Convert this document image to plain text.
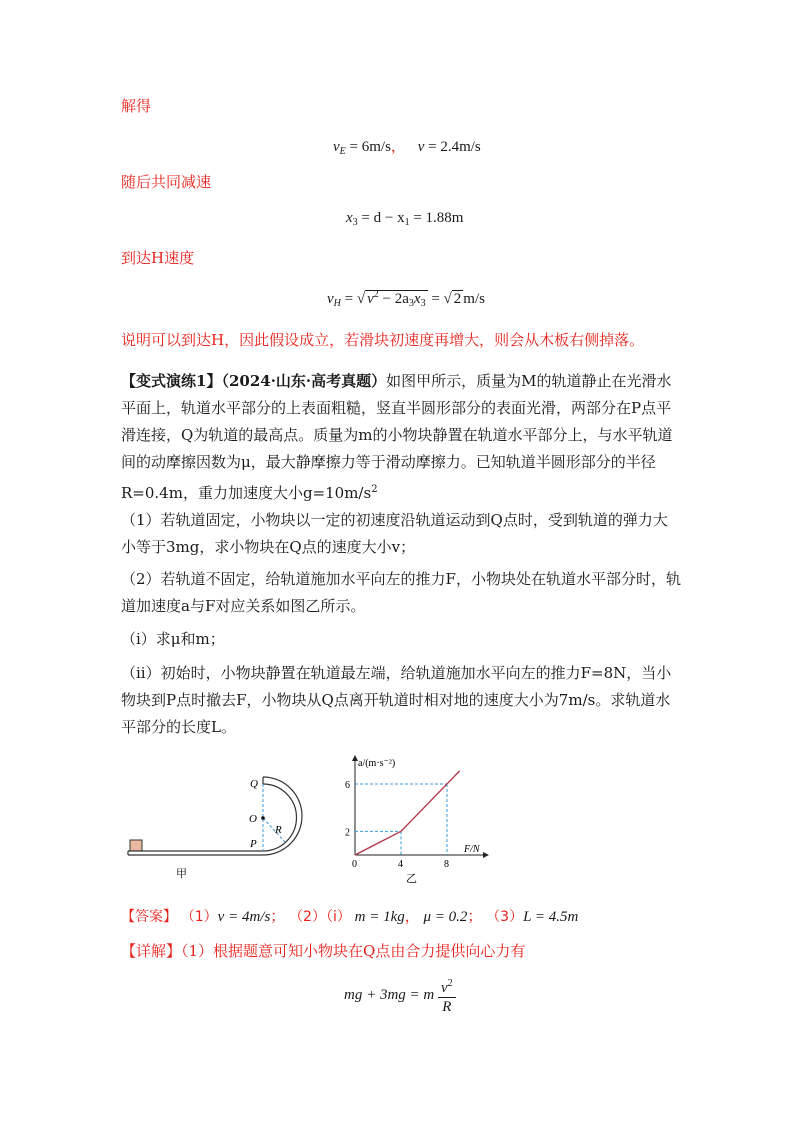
解得
$v_E = 6m/s$， v = 2.4m/s
随后共同减速
$x_3 = d - x_1 = 1.88m$
到达H速度
$v_H$ = √ $v^2 - 2a_3x_3$ = √ 2 m/s
说明可以到达H，因此假设成立，若滑块初速度再增大，则会从木板右侧掉落。
【变式演练1】（2024·山东·高考真题）如图甲所示，质量为M的轨道静止在光滑水平面上，轨道水平部分的上表面粗糙，竖直半圆形部分的表面光滑，两部分在P点平滑连接，Q为轨道的最高点。质量为m的小物块静置在轨道水平部分上，与水平轨道间的动摩擦因数为μ，最大静摩擦力等于滑动摩擦力。已知轨道半圆形部分的半径R=0.4m，重力加速度大小$g=10m/s^2$
（1）若轨道固定，小物块以一定的初速度沿轨道运动到Q点时，受到轨道的弹力大小等于3mg，求小物块在Q点的速度大小v；
（2）若轨道不固定，给轨道施加水平向左的推力F，小物块处在轨道水平部分时，轨道加速度a与F对应关系如图乙所示。
（i）求μ和m；
（ii）初始时，小物块静置在轨道最左端，给轨道施加水平向左的推力F=8N，当小物块到P点时撤去F，小物块从Q点离开轨道时相对地的速度大小为7m/s。求轨道水平部分的长度L。
Q
O
R
P
甲
0	4	8
2
6
a/(m·s⁻²)
F/N
乙
【答案】 （1）v = 4m/s； （2）（i） m = 1kg， μ = 0.2； （3）L = 4.5m
【详解】（1）根据题意可知小物块在Q点由合力提供向心力有
mg + 3mg = m $\frac{v^2}{R}$
